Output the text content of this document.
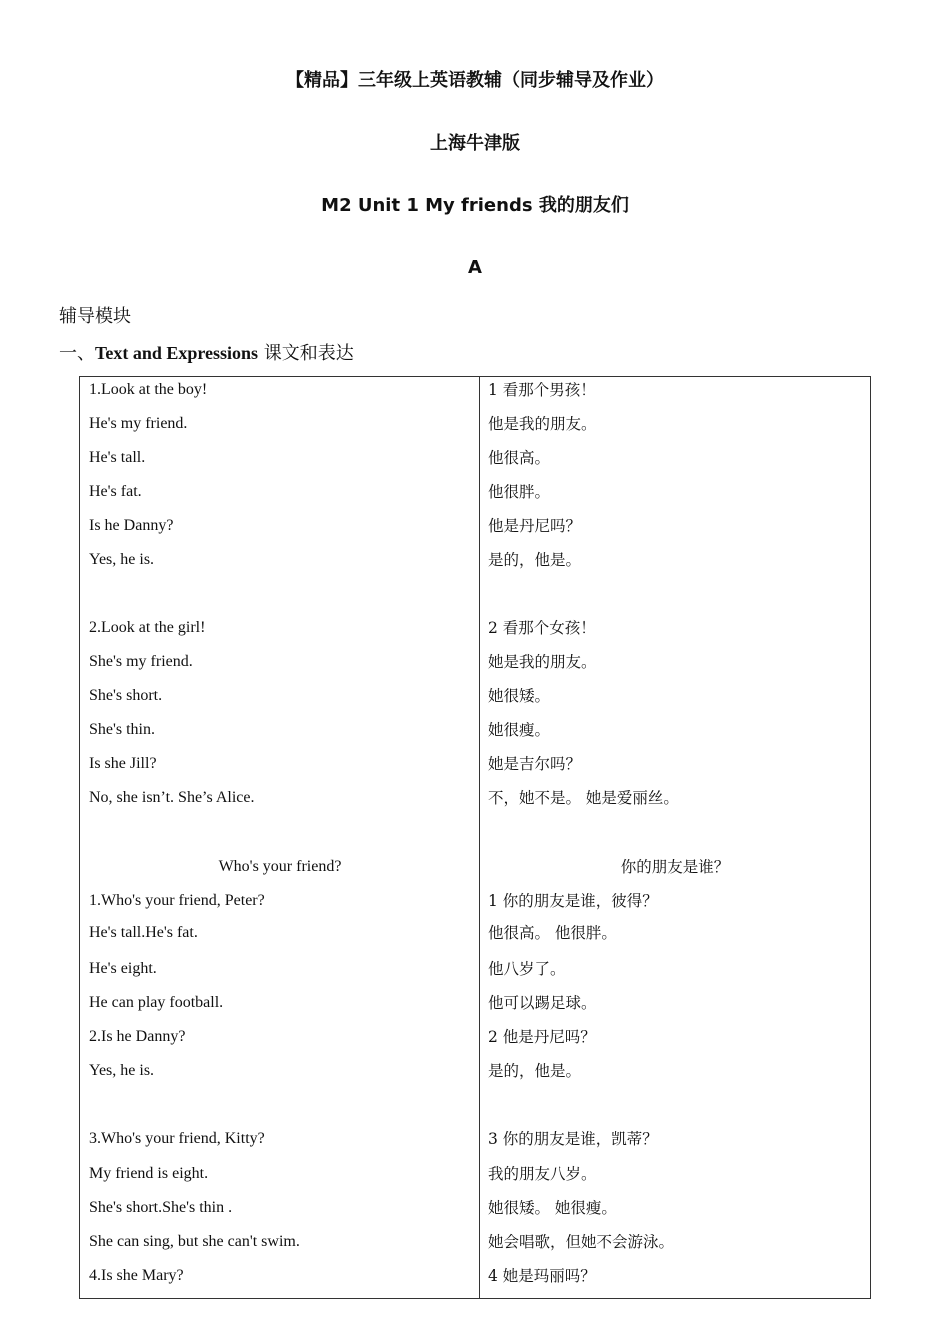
【精品】三年级上英语教辅（同步辅导及作业）
上海牛津版
M2 Unit 1 My friends 我的朋友们
A
辅导模块
一、Text and Expressions 课文和表达
1.Look at the boy!
He's my friend.
He's tall.
He's fat.
Is he Danny?
Yes, he is.
2.Look at the girl!
She's my friend.
She's short.
She's thin.
Is she Jill?
No, she isn’t. She’s Alice.
Who's your friend?
1.Who's your friend, Peter?
He's tall.He's fat.
He's eight.
He can play football.
2.Is he Danny?
Yes, he is.
3.Who's your friend, Kitty?
My friend is eight.
She's short.She's thin .
She can sing, but she can't swim.
4.Is she Mary?
1 看那个男孩！
他是我的朋友。
他很高。
他很胖。
他是丹尼吗？
是的，他是。
2 看那个女孩！
她是我的朋友。
她很矮。
她很瘦。
她是吉尔吗？
不，她不是。 她是爱丽丝。
你的朋友是谁？
1 你的朋友是谁，彼得？
他很高。 他很胖。
他八岁了。
他可以踢足球。
2 他是丹尼吗？
是的，他是。
3 你的朋友是谁，凯蒂？
我的朋友八岁。
她很矮。 她很瘦。
她会唱歌，但她不会游泳。
4 她是玛丽吗？
